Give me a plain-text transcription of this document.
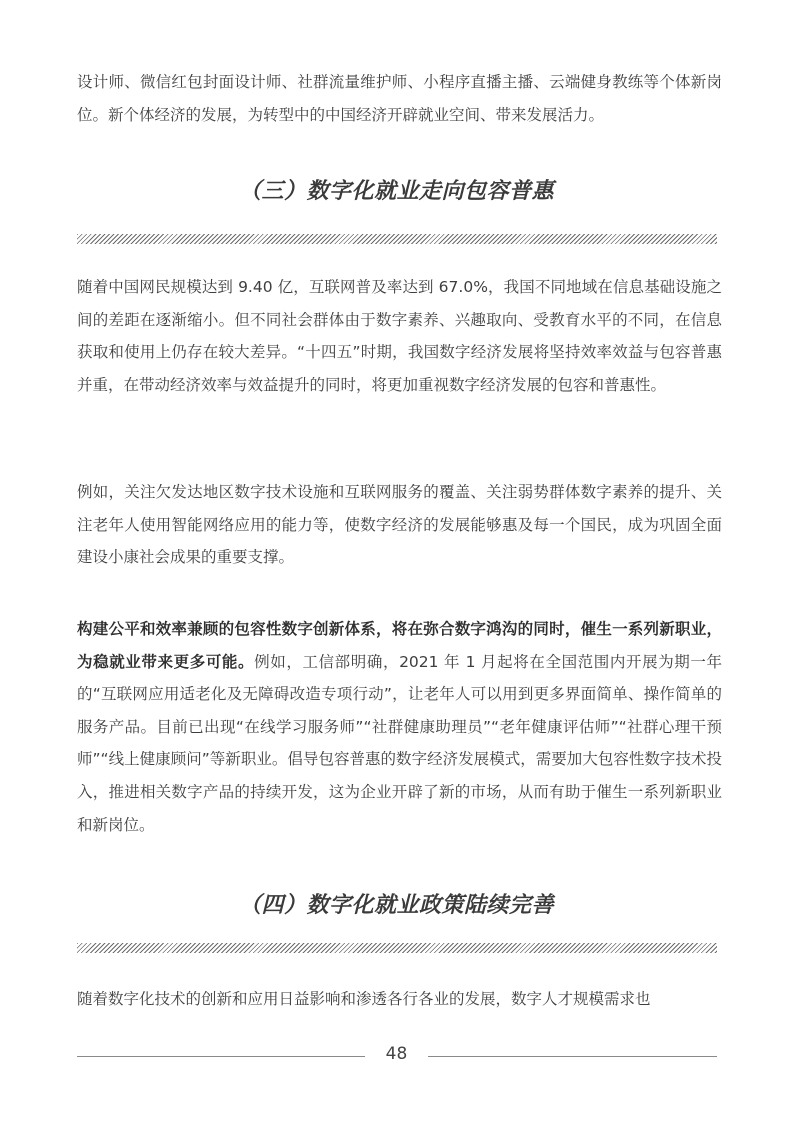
设计师、微信红包封面设计师、社群流量维护师、小程序直播主播、云端健身教练等个体新岗位。新个体经济的发展，为转型中的中国经济开辟就业空间、带来发展活力。

（三）数字化就业走向包容普惠

随着中国网民规模达到 9.40 亿，互联网普及率达到 67.0%，我国不同地域在信息基础设施之间的差距在逐渐缩小。但不同社会群体由于数字素养、兴趣取向、受教育水平的不同，在信息获取和使用上仍存在较大差异。“十四五”时期，我国数字经济发展将坚持效率效益与包容普惠并重，在带动经济效率与效益提升的同时，将更加重视数字经济发展的包容和普惠性。

例如，关注欠发达地区数字技术设施和互联网服务的覆盖、关注弱势群体数字素养的提升、关注老年人使用智能网络应用的能力等，使数字经济的发展能够惠及每一个国民，成为巩固全面建设小康社会成果的重要支撑。

构建公平和效率兼顾的包容性数字创新体系，将在弥合数字鸿沟的同时，催生一系列新职业，为稳就业带来更多可能。例如，工信部明确，2021 年 1 月起将在全国范围内开展为期一年的“互联网应用适老化及无障碍改造专项行动”，让老年人可以用到更多界面简单、操作简单的服务产品。目前已出现“在线学习服务师”“社群健康助理员”“老年健康评估师”“社群心理干预师”“线上健康顾问”等新职业。倡导包容普惠的数字经济发展模式，需要加大包容性数字技术投入，推进相关数字产品的持续开发，这为企业开辟了新的市场，从而有助于催生一系列新职业和新岗位。

（四）数字化就业政策陆续完善

随着数字化技术的创新和应用日益影响和渗透各行各业的发展，数字人才规模需求也

48
